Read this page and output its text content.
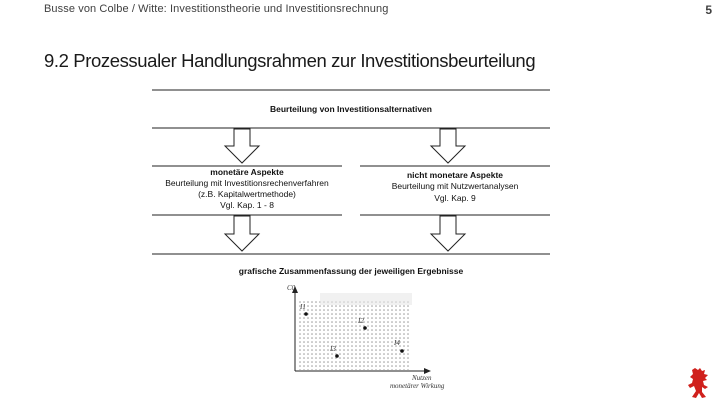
Busse von Colbe / Witte: Investitionstheorie und Investitionsrechnung	5
9.2 Prozessualer Handlungsrahmen zur Investitionsbeurteilung
Beurteilung von Investitionsalternativen
monetäre Aspekte
Beurteilung mit Investitionsrechenverfahren
(z.B. Kapitalwertmethode)
Vgl. Kap. 1 - 8
nicht monetare Aspekte
Beurteilung mit Nutzwertanalysen
Vgl. Kap. 9
grafische Zusammenfassung der jeweiligen Ergebnisse
C0
Nutzen
monetärer Wirkung
I1
I2
I3
I4
